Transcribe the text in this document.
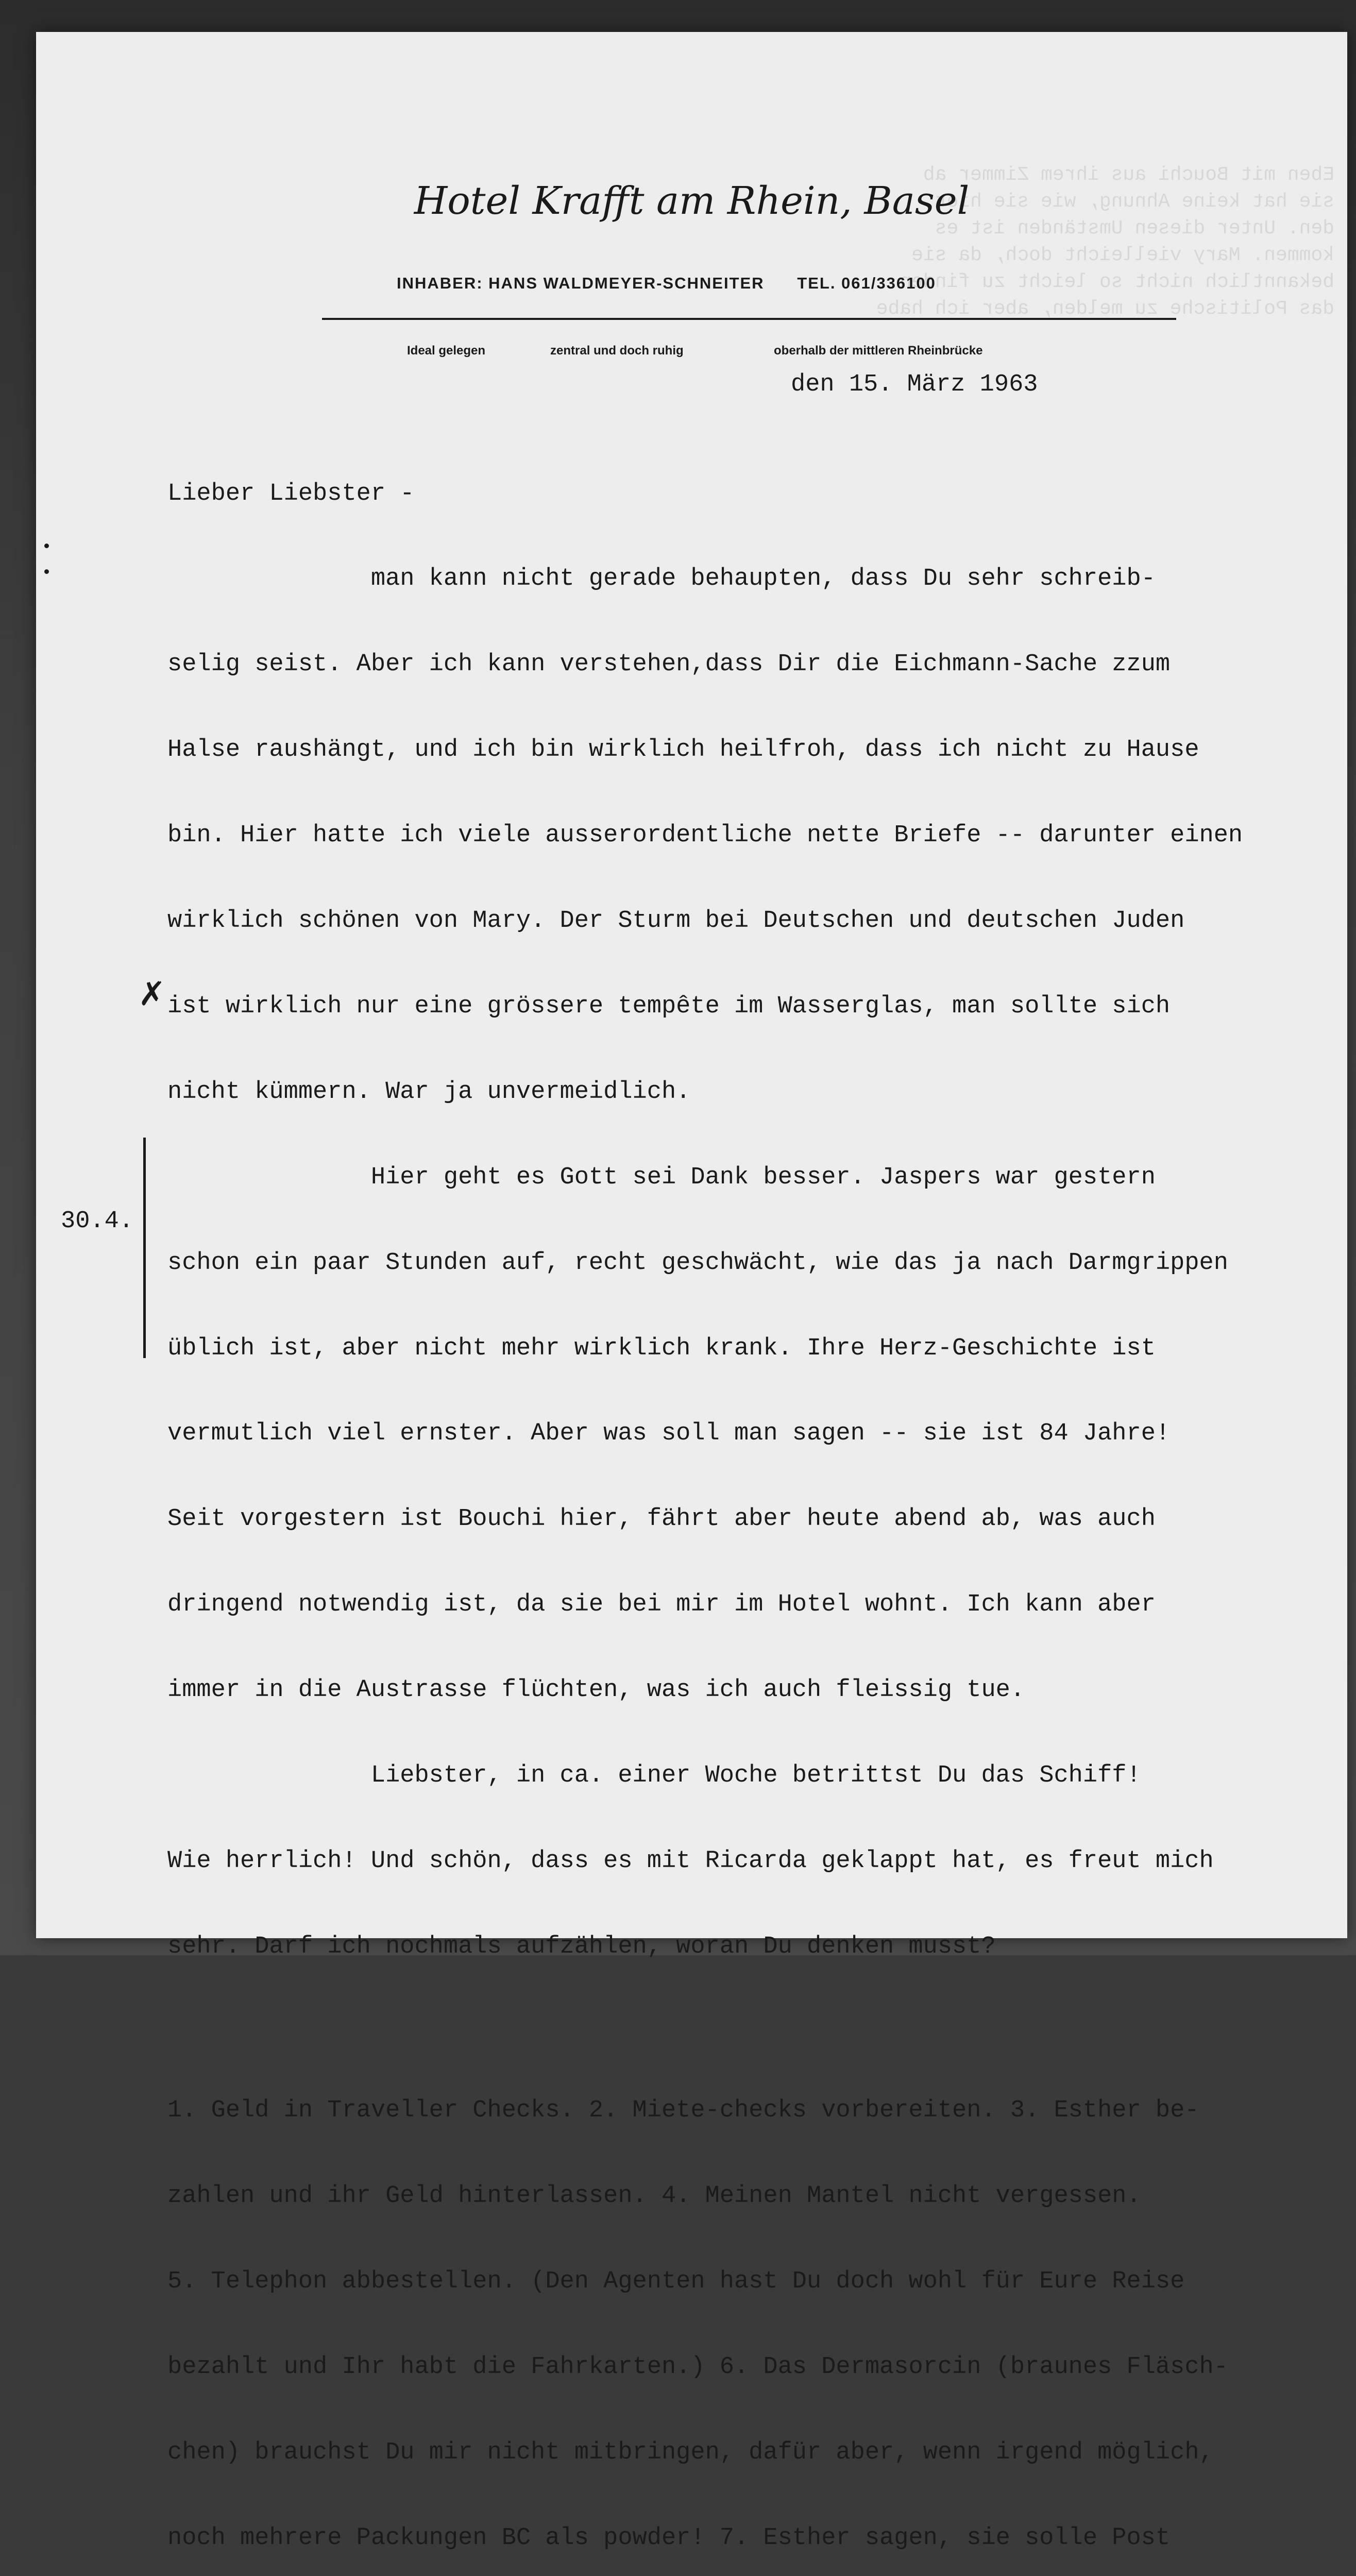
Eben mit Bouchi aus ihrem Zimmer ab
sie hat keine Ahnung, wie sie hier
den. Unter diesen Umständen ist es
kommen. Mary vielleicht doch, da sie
bekanntlich nicht so leicht zu finden
das Politische zu melden, aber ich habe

Hotel Krafft am Rhein, Basel
INHABER: HANS WALDMEYER-SCHNEITER TEL. 061/336100
Ideal gelegen	zentral und doch ruhig	oberhalb der mittleren Rheinbrücke
den 15. März 1963

Lieber Liebster -

man kann nicht gerade behaupten, dass Du sehr schreib-

selig seist. Aber ich kann verstehen,dass Dir die Eichmann-Sache zzum

Halse raushängt, und ich bin wirklich heilfroh, dass ich nicht zu Hause

bin. Hier hatte ich viele ausserordentliche nette Briefe -- darunter einen

wirklich schönen von Mary. Der Sturm bei Deutschen und deutschen Juden

ist wirklich nur eine grössere tempête im Wasserglas, man sollte sich

nicht kümmern. War ja unvermeidlich.

Hier geht es Gott sei Dank besser. Jaspers war gestern

schon ein paar Stunden auf, recht geschwächt, wie das ja nach Darmgrippen

üblich ist, aber nicht mehr wirklich krank. Ihre Herz-Geschichte ist

vermutlich viel ernster. Aber was soll man sagen -- sie ist 84 Jahre!

Seit vorgestern ist Bouchi hier, fährt aber heute abend ab, was auch

dringend notwendig ist, da sie bei mir im Hotel wohnt. Ich kann aber

immer in die Austrasse flüchten, was ich auch fleissig tue.

Liebster, in ca. einer Woche betrittst Du das Schiff!

Wie herrlich! Und schön, dass es mit Ricarda geklappt hat, es freut mich

sehr. Darf ich nochmals aufzählen, woran Du denken musst?

1. Geld in Traveller Checks. 2. Miete-checks vorbereiten. 3. Esther be-

zahlen und ihr Geld hinterlassen. 4. Meinen Mantel nicht vergessen.

5. Telephon abbestellen. (Den Agenten hast Du doch wohl für Eure Reise

bezahlt und Ihr habt die Fahrkarten.) 6. Das Dermasorcin (braunes Fläsch-

chen) brauchst Du mir nicht mitbringen, dafür aber, wenn irgend möglich,

noch mehrere Packungen BC als powder! 7. Esther sagen, sie solle Post

✗
30.4.
